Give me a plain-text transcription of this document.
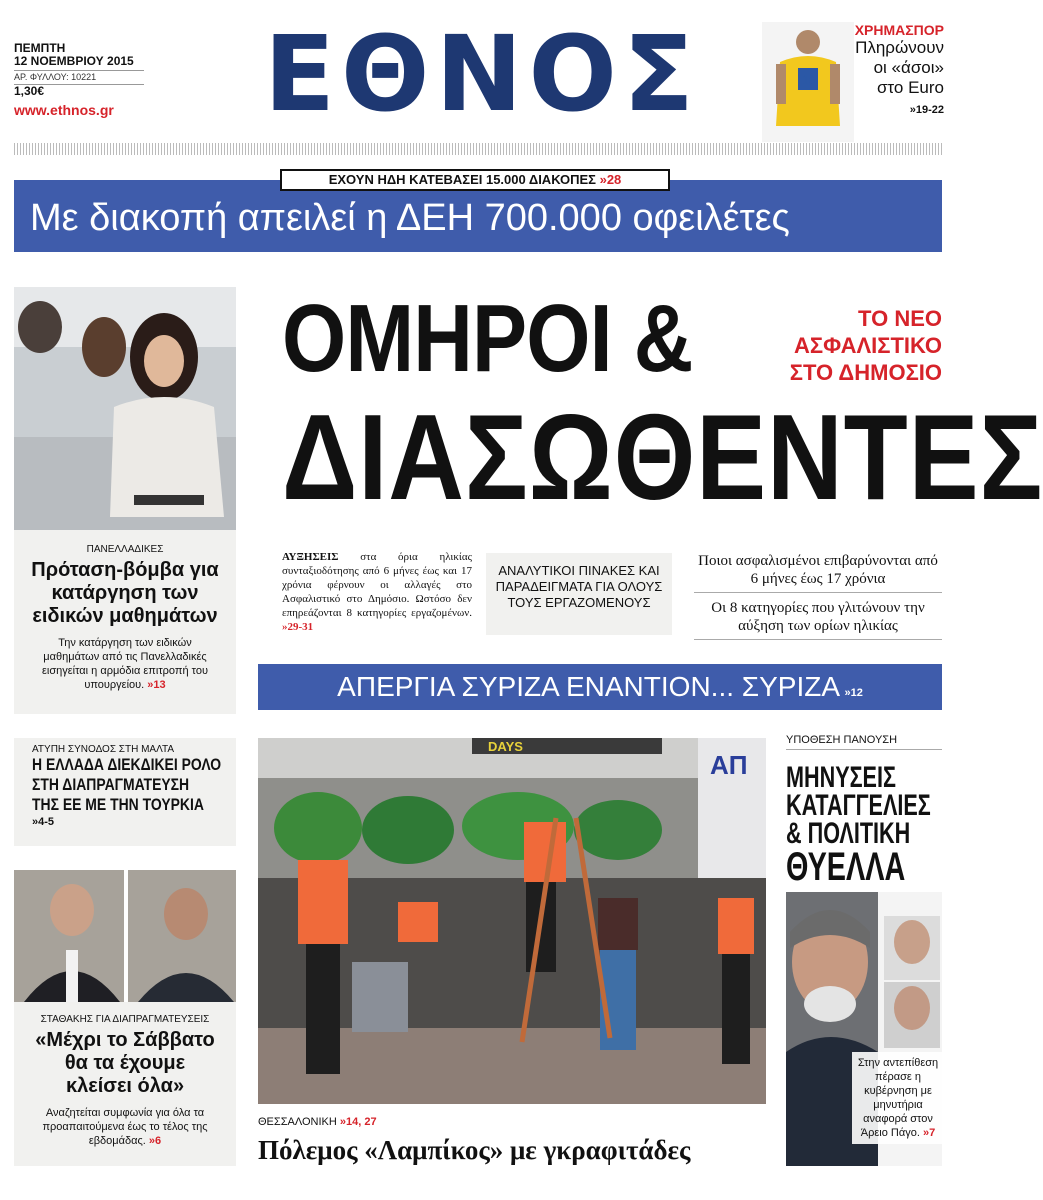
ΠΕΜΠΤΗ
12 ΝΟΕΜΒΡΙΟΥ 2015
ΑΡ. ΦΥΛΛΟΥ: 10221
1,30€
www.ethnos.gr	ΕΘΝΟΣ	10
ΧΡΗΜΑΣΠΟΡ
Πληρώνουν
οι «άσοι»
στο Euro
»19-22
ΕΧΟΥΝ ΗΔΗ ΚΑΤΕΒΑΣΕΙ 15.000 ΔΙΑΚΟΠΕΣ »28
Με διακοπή απειλεί η ΔΕΗ 700.000 οφειλέτες
ΠΑΝΕΛΛΑΔΙΚΕΣ
Πρόταση-βόμβα για κατάργηση των ειδικών μαθημάτων
Την κατάργηση των ειδικών μαθημάτων από τις Πανελλαδικές εισηγείται η αρμόδια επιτροπή του υπουργείου. »13
ΑΤΥΠΗ ΣΥΝΟΔΟΣ ΣΤΗ ΜΑΛΤΑ
Η ΕΛΛΑΔΑ ΔΙΕΚΔΙΚΕΙ ΡΟΛΟ
ΣΤΗ ΔΙΑΠΡΑΓΜΑΤΕΥΣΗ
ΤΗΣ ΕΕ ΜΕ ΤΗΝ ΤΟΥΡΚΙΑ
»4-5
ΣΤΑΘΑΚΗΣ ΓΙΑ ΔΙΑΠΡΑΓΜΑΤΕΥΣΕΙΣ
«Μέχρι το Σάββατο θα τα έχουμε κλείσει όλα»
Αναζητείται συμφωνία για όλα τα προαπαιτούμενα έως το τέλος της εβδομάδας. »6
ΟΜΗΡΟΙ &
ΔΙΑΣΩΘΕΝΤΕΣ
ΤΟ ΝΕΟ
ΑΣΦΑΛΙΣΤΙΚΟ
ΣΤΟ ΔΗΜΟΣΙΟ
ΑΥΞΗΣΕΙΣ στα όρια ηλικίας συνταξιοδότησης από 6 μήνες έως και 17 χρόνια φέρνουν οι αλλαγές στο Ασφαλιστικό στο Δημόσιο. Ωστόσο δεν επηρεάζονται 8 κατηγορίες εργαζομένων. »29-31
ΑΝΑΛΥΤΙΚΟΙ ΠΙΝΑΚΕΣ ΚΑΙ ΠΑΡΑΔΕΙΓΜΑΤΑ ΓΙΑ ΟΛΟΥΣ ΤΟΥΣ ΕΡΓΑΖΟΜΕΝΟΥΣ
Ποιοι ασφαλισμένοι επιβαρύνονται από 6 μήνες έως 17 χρόνια
Οι 8 κατηγορίες που γλιτώνουν την αύξηση των ορίων ηλικίας
ΑΠΕΡΓΙΑ ΣΥΡΙΖΑ ΕΝΑΝΤΙΟΝ... ΣΥΡΙΖΑ »12
ΑΠ
DAYS
ΘΕΣΣΑΛΟΝΙΚΗ »14, 27
Πόλεμος «Λαμπίκος» με γκραφιτάδες
ΥΠΟΘΕΣΗ ΠΑΝΟΥΣΗ
ΜΗΝΥΣΕΙΣ
ΚΑΤΑΓΓΕΛΙΕΣ
& ΠΟΛΙΤΙΚΗ
ΘΥΕΛΛΑ
Στην αντεπίθεση πέρασε η κυβέρνηση με μηνυτήρια αναφορά στον Άρειο Πάγο. »7
